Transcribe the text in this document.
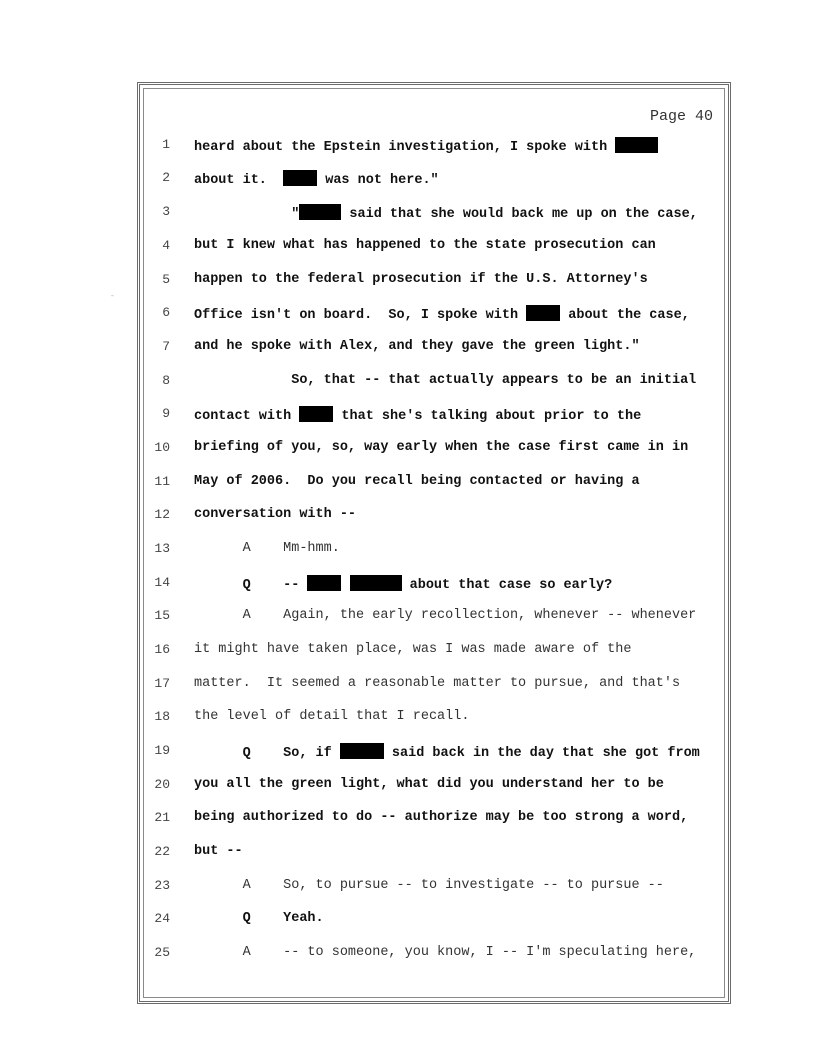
-
Page 40
1 heard about the Epstein investigation, I spoke with
2 about it.	was not here."
3 "	said that she would back me up on the case,
4 but I knew what has happened to the state prosecution can
5 happen to the federal prosecution if the U.S. Attorney's
6 Office isn't on board.  So, I spoke with	about the case,
7 and he spoke with Alex, and they gave the green light."
8 So, that -- that actually appears to be an initial
9 contact with	that she's talking about prior to the
10 briefing of you, so, way early when the case first came in in
11 May of 2006.  Do you recall being contacted or having a
12 conversation with --
13 A    Mm-hmm.
14 Q    --	about that case so early?
15 A    Again, the early recollection, whenever -- whenever
16 it might have taken place, was I was made aware of the
17 matter.  It seemed a reasonable matter to pursue, and that's
18 the level of detail that I recall.
19 Q    So, if	said back in the day that she got from
20 you all the green light, what did you understand her to be
21 being authorized to do -- authorize may be too strong a word,
22 but --
23 A    So, to pursue -- to investigate -- to pursue --
24 Q    Yeah.
25 A    -- to someone, you know, I -- I'm speculating here,
